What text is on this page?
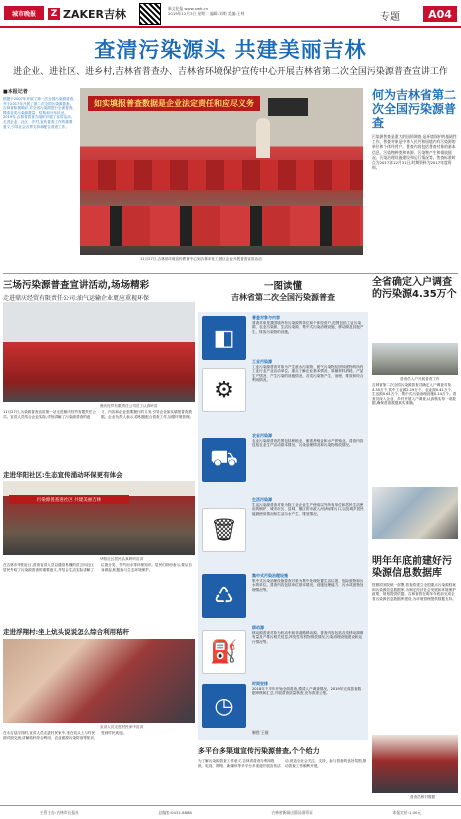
城市晚报	Z ZAKER吉林	新文化报 www.xwh.cn
2019年12月3日 星期二 编辑:刘明 美编:王林	专题	A04
查清污染源头 共建美丽吉林
进企业、进社区、进乡村,吉林省普查办、吉林省环境保护宣传中心开展吉林省第二次全国污染源普查宣讲工作
■本报记者
根据于2007年开展了第一次全国污染源普查,并于2017年开展了第二次全国污染源普查。吉林省积极响应,对全省污染源进行全面普查,摸清各类污染源数量、结构和分布状况。2019年,吉林省普查办组织开展了宣讲活动,走进企业、社区、乡村,宣传普查工作的重要意义,引导社会各界支持和配合普查工作。
如实填报普查数据是企业法定责任和应尽义务
11月27日,吉林省环境宣传教育中心到吉林市化工园区企业开展普查宣讲活动
何为吉林省第二次全国污染源普查
污染源普查是重大的国情调查,是环境保护的基础性工作。普查对象是中华人民共和国境内有污染源的单位和个体经营户。普查内容包括普查对象的基本信息、污染物种类和来源、污染物产生和排放情况、污染治理设施建设和运行情况等。普查标准时点为2017年12月31日,时期资料为2017年度资料。
三场污染源普查宣讲活动,场场精彩
走进鼎庆经贸有限责任公司:油气运输企业更应重视环保
鼎庆经贸有限责任公司员工认真听讲
11月27日,污染源普查宣讲第一站走进鼎庆经贸有限责任公司。宣讲人员结合企业实际,详细讲解了污染源普查的意义、内容和企业需要履行的义务,引导企业如实填报普查数据。企业负责人表示,将积极配合普查工作,加强环境管理。
走进华阳社区:生态宣传涌动环保更有体会
污染源普查进社区 共建美丽吉林
华阳社区居民认真聆听宣讲
在吉林市华阳社区,普查宣讲人员以通俗易懂的语言向社区居民介绍了污染源普查的重要意义,并结合生活实际讲解了垃圾分类、节约用水等环保知识。居民们纷纷表示,要从自身做起,积极参与生态环境保护。
走进浮翔村:坐上炕头说说怎么综合利用秸秆
宣讲人员走进村民家中宣讲
在永吉县浮翔村,宣讲人员走进村民家中,坐在炕头上与村民面对面交流,讲解秸秆综合利用、农业面源污染防治等知识,受到村民欢迎。
一图读懂
吉林省第二次全国污染源普查
◧
普查对象与内容
普查对象是我国境内有污染源的单位和个体经营户,范围包括工业污染源、农业污染源、生活污染源、集中式污染治理设施、移动源及其他产生、排放污染物的设施。
⚙
工业污染源
工业污染源普查对象为产生废水污染物、废气污染物及固体废物的所有工业行业产业活动单位。重点了解企业基本情况、原辅材料消耗、产品生产情况、产生污染的设施情况、各类污染物产生、治理、排放和综合利用情况。
⛟
农业污染源
农业污染源普查范围包括种植业、畜禽养殖业和水产养殖业。普查内容包括农业生产活动基本情况、污染治理情况和污染物排放情况。
🗑
生活污染源
生活污染源普查对象为除工业企业生产使用以外所有单位和居民生活使用的锅炉、城市市区、县城、镇区的市政入河(海)排污口,以及城乡居民能源使用情况和生活污水产生、排放情况。
♺
集中式污染治理设施
集中式污染治理设施普查对象为集中处理处置生活垃圾、危险废物和污水的单位。普查内容包括单位基本情况、设施处理能力、污水或废物处理情况等。
⛽
移动源
移动源普查对象为机动车和非道路移动源。普查内容包括各类移动源保有量及产排污相关信息,挥发性有机物排放情况,污染治理设施建设和运行情况等。
◷
时间安排
2018年下半年开始全面普查,摸清入户调查情况。2019年完成普查数据审核和汇总,开展普查质量核查,发布普查公报。
制图 王刚
多平台多渠道宣传污染源普查,个个给力
为了解污染源普查工作意义,吉林省普查办利用报纸、电视、网络、新媒体等多平台多渠道开展宣传活动,营造全社会关注、支持、参与普查的良好氛围,推动普查工作顺利开展。
全省确定入户调查的污染源4.35万个
普查员入户开展普查工作
吉林省第二次全国污染源普查共确定入户调查对象4.35万个,其中工业源2.19万个、农业源0.41万个、生活源0.61万个、集中式污染治理设施0.14万个。普查员深入企业、乡村开展入户调查,认真核实每一项数据,确保普查数据真实准确。
明年年底前建好污染源信息数据库
按照国务院统一部署,普查将建立全国重点污染源档案和污染源信息数据库,为制定经济社会发展和环境保护政策、规划提供依据。吉林省将在明年年底前完成全省污染源信息数据库建设,为环境管理提供数据支持。
普查员核对数据
主管主办:吉林市长报社	总编室:0431-8888	吉林省新闻出版局准印证	本报定价:1.00元
